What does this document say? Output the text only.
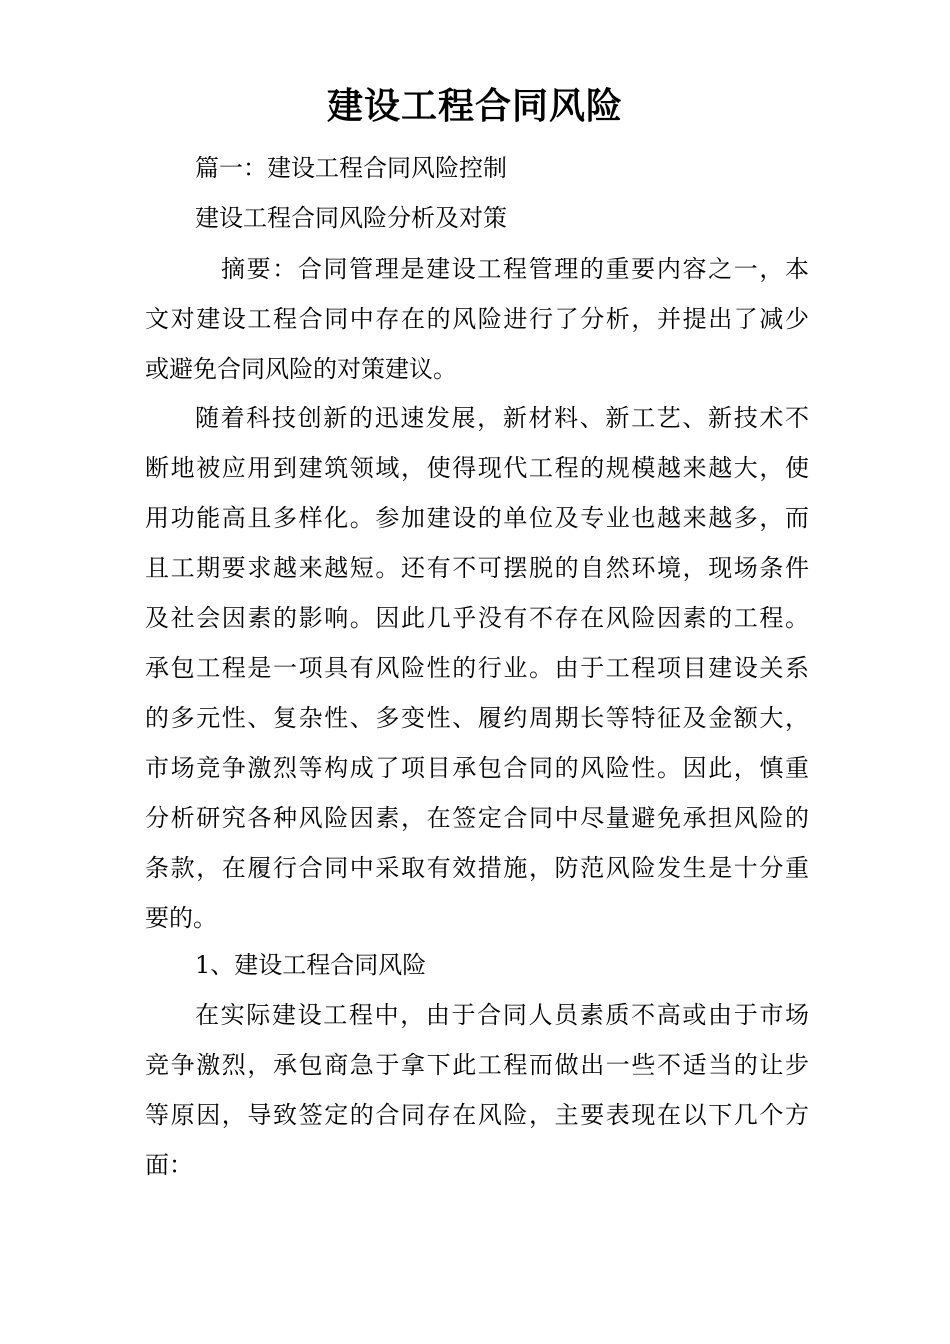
建设工程合同风险

篇一：建设工程合同风险控制

建设工程合同风险分析及对策

摘要：合同管理是建设工程管理的重要内容之一，本
文对建设工程合同中存在的风险进行了分析，并提出了减少
或避免合同风险的对策建议。
随着科技创新的迅速发展，新材料、新工艺、新技术不
断地被应用到建筑领域，使得现代工程的规模越来越大，使
用功能高且多样化。参加建设的单位及专业也越来越多，而
且工期要求越来越短。还有不可摆脱的自然环境，现场条件
及社会因素的影响。因此几乎没有不存在风险因素的工程。
承包工程是一项具有风险性的行业。由于工程项目建设关系
的多元性、复杂性、多变性、履约周期长等特征及金额大，
市场竞争激烈等构成了项目承包合同的风险性。因此，慎重
分析研究各种风险因素，在签定合同中尽量避免承担风险的
条款，在履行合同中采取有效措施，防范风险发生是十分重
要的。

1、建设工程合同风险

在实际建设工程中，由于合同人员素质不高或由于市场
竞争激烈，承包商急于拿下此工程而做出一些不适当的让步
等原因，导致签定的合同存在风险，主要表现在以下几个方
面：
